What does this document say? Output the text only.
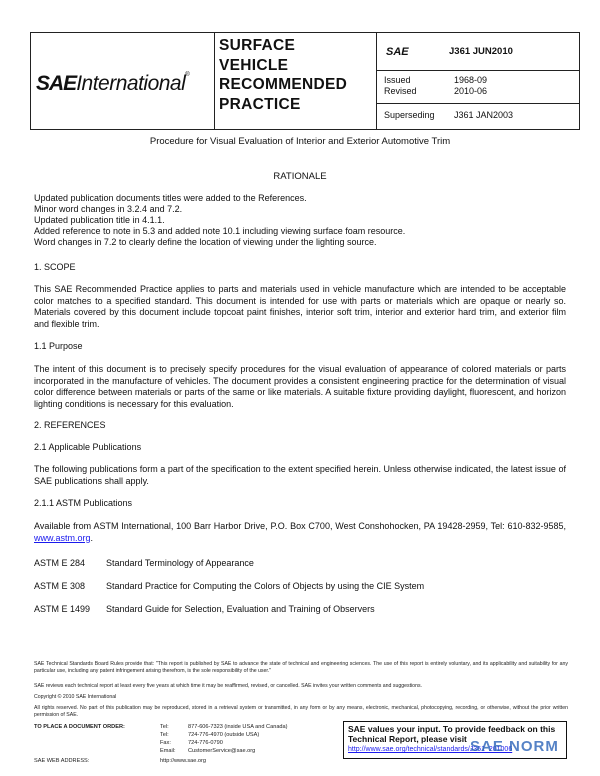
SAEInternational®
SURFACE
VEHICLE
RECOMMENDED
PRACTICE
SAE	J361 JUN2010
Issued	1968-09
Revised	2010-06
Superseding J361 JAN2003
Procedure for Visual Evaluation of Interior and Exterior Automotive Trim
RATIONALE
Updated publication documents titles were added to the References.
Minor word changes in 3.2.4 and 7.2.
Updated publication title in 4.1.1.
Added reference to note in 5.3 and added note 10.1 including viewing surface foam resource.
Word changes in 7.2 to clearly define the location of viewing under the lighting source.
1. SCOPE
This SAE Recommended Practice applies to parts and materials used in vehicle manufacture which are intended to be acceptable color matches to a specified standard. This document is intended for use with parts or materials which are opaque or nearly so. Materials covered by this document include topcoat paint finishes, interior soft trim, interior and exterior hard trim, and exterior film and flexible trim.
1.1 Purpose
The intent of this document is to precisely specify procedures for the visual evaluation of appearance of colored materials or parts incorporated in the manufacture of vehicles. The document provides a consistent engineering practice for the determination of visual color difference between materials or parts of the same or like materials. A suitable fixture providing daylight, fluorescent, and horizon lighting conditions is necessary for this evaluation.
2. REFERENCES
2.1 Applicable Publications
The following publications form a part of the specification to the extent specified herein. Unless otherwise indicated, the latest issue of SAE publications shall apply.
2.1.1 ASTM Publications
Available from ASTM International, 100 Barr Harbor Drive, P.O. Box C700, West Conshohocken, PA 19428-2959, Tel: 610-832-9585, www.astm.org.
ASTM E 284 Standard Terminology of Appearance
ASTM E 308 Standard Practice for Computing the Colors of Objects by using the CIE System
ASTM E 1499 Standard Guide for Selection, Evaluation and Training of Observers
SAE Technical Standards Board Rules provide that: "This report is published by SAE to advance the state of technical and engineering sciences. The use of this report is entirely voluntary, and its applicability and suitability for any particular use, including any patent infringement arising therefrom, is the sole responsibility of the user."
SAE reviews each technical report at least every five years at which time it may be reaffirmed, revised, or cancelled. SAE invites your written comments and suggestions.
Copyright © 2010 SAE International
All rights reserved. No part of this publication may be reproduced, stored in a retrieval system or transmitted, in any form or by any means, electronic, mechanical, photocopying, recording, or otherwise, without the prior written permission of SAE.
TO PLACE A DOCUMENT ORDER:	Tel:	877-606-7323 (inside USA and Canada)
Tel:	724-776-4970 (outside USA)
Fax:	724-776-0790
Email: CustomerService@sae.org
SAE WEB ADDRESS:	http://www.sae.org
SAE values your input. To provide feedback on this Technical Report, please visit
http://www.sae.org/technical/standards/J361_201006
SAE NORM
